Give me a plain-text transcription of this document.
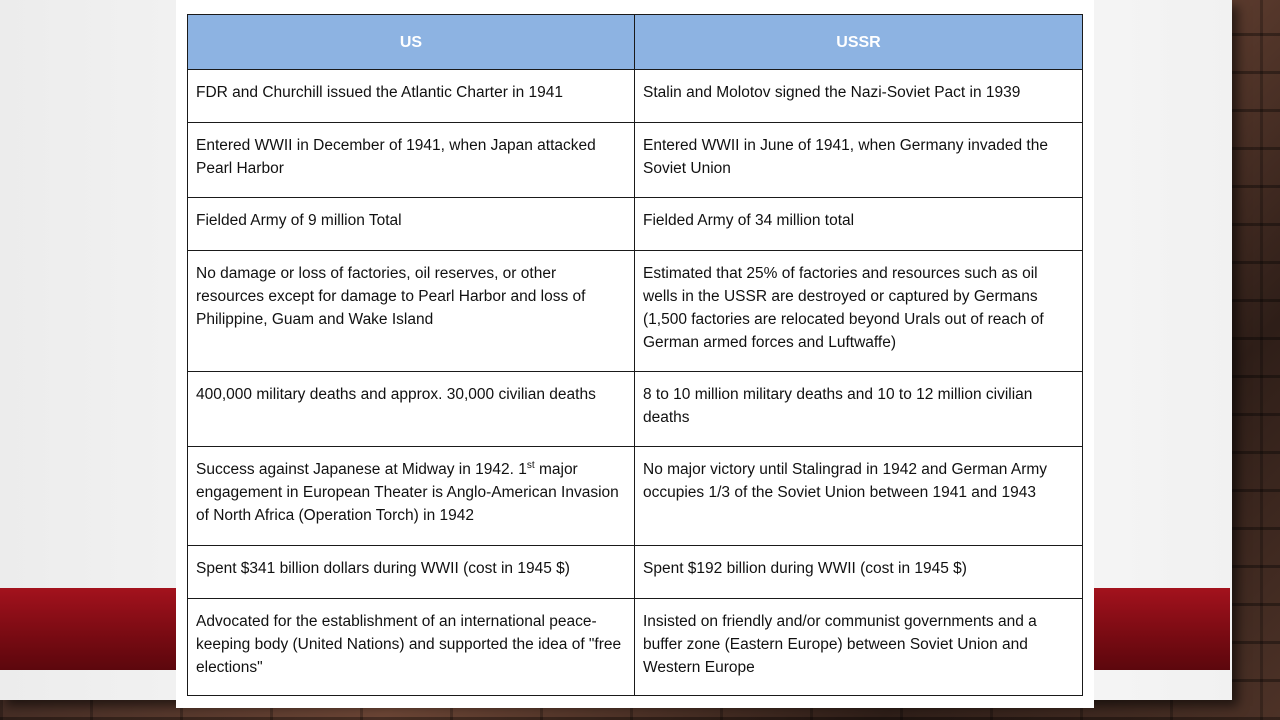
US	USSR
FDR and Churchill issued the Atlantic Charter in 1941	Stalin and Molotov signed the Nazi-Soviet Pact in 1939
Entered WWII in December of 1941, when Japan attacked Pearl Harbor	Entered WWII in June of 1941, when Germany invaded the Soviet Union
Fielded Army of 9 million Total	Fielded Army of 34 million total
No damage or loss of factories, oil reserves, or other resources except for damage to Pearl Harbor and loss of Philippine, Guam and Wake Island	Estimated that 25% of factories and resources such as oil wells in the USSR are destroyed or captured by Germans (1,500 factories are relocated beyond Urals out of reach of German armed forces and Luftwaffe)
400,000 military deaths and approx. 30,000 civilian deaths	8 to 10 million military deaths and 10 to 12 million civilian deaths
Success against Japanese at Midway in 1942. 1st major engagement in European Theater is Anglo-American Invasion of North Africa (Operation Torch) in 1942	No major victory until Stalingrad in 1942 and German Army occupies 1/3 of the Soviet Union between 1941 and 1943
Spent $341 billion dollars during WWII (cost in 1945 $)	Spent $192 billion during WWII (cost in 1945 $)
Advocated for the establishment of an international peace-keeping body (United Nations) and supported the idea of "free elections"	Insisted on friendly and/or communist governments and a buffer zone (Eastern Europe) between Soviet Union and Western Europe
